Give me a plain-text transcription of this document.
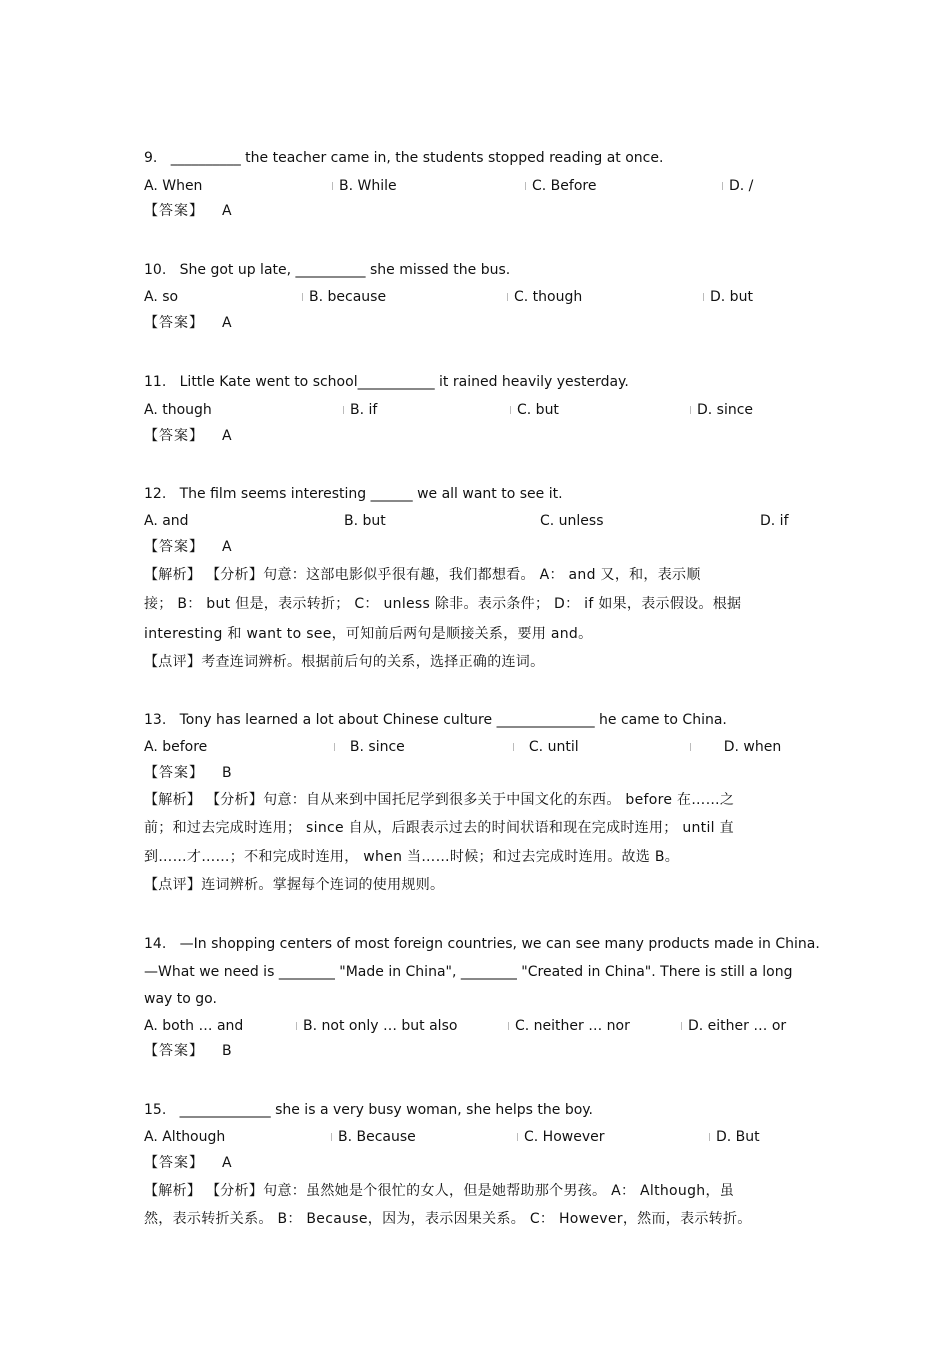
9. __________ the teacher came in, the students stopped reading at once.
A. When	B. While	C. Before	D. /
【答案】 A
10. She got up late, __________ she missed the bus.
A. so	B. because	C. though	D. but
【答案】 A
11. Little Kate went to school___________ it rained heavily yesterday.
A. though	B. if	C. but	D. since
【答案】 A
12. The film seems interesting ______ we all want to see it.
A. and	B. but	C. unless	D. if
【答案】 A
【解析】 【分析】句意：这部电影似乎很有趣，我们都想看。 A： and 又，和，表示顺
接； B： but 但是，表示转折； C： unless 除非。表示条件； D： if 如果，表示假设。根据
interesting 和 want to see，可知前后两句是顺接关系，要用 and。
【点评】考查连词辨析。根据前后句的关系，选择正确的连词。
13. Tony has learned a lot about Chinese culture ______________ he came to China.
A. before	B. since	C. until	D. when
【答案】 B
【解析】 【分析】句意：自从来到中国托尼学到很多关于中国文化的东西。 before 在……之
前；和过去完成时连用； since 自从，后跟表示过去的时间状语和现在完成时连用； until 直
到……才……；不和完成时连用， when 当……时候；和过去完成时连用。故选 B。
【点评】连词辨析。掌握每个连词的使用规则。
14. —In shopping centers of most foreign countries, we can see many products made in China.
—What we need is ________ "Made in China", ________ "Created in China". There is still a long
way to go.
A. both … and	B. not only … but also	C. neither … nor	D. either … or
【答案】 B
15. _____________ she is a very busy woman, she helps the boy.
A. Although	B. Because	C. However	D. But
【答案】 A
【解析】 【分析】句意：虽然她是个很忙的女人，但是她帮助那个男孩。 A： Although，虽
然，表示转折关系。 B： Because，因为，表示因果关系。 C： However，然而，表示转折。
